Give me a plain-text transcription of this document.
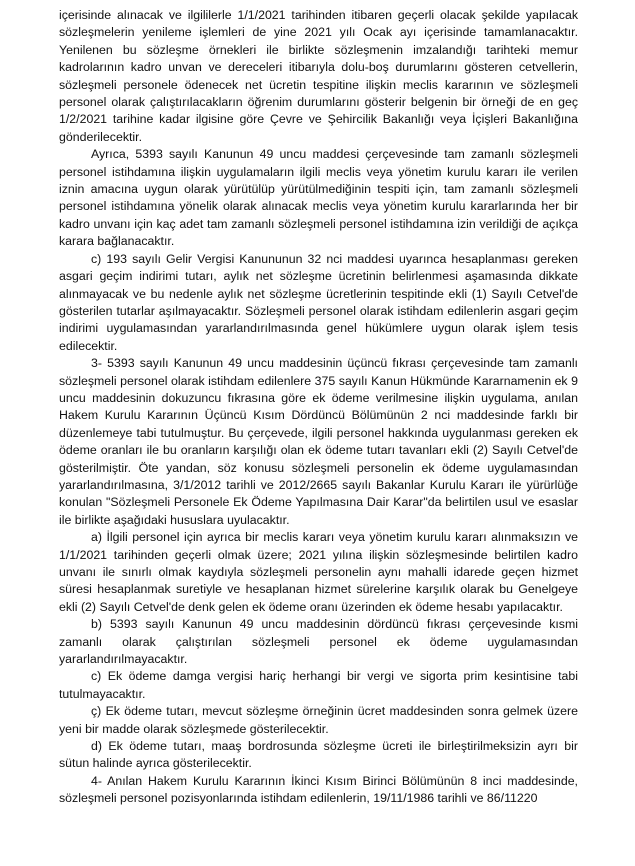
içerisinde alınacak ve ilgililerle 1/1/2021 tarihinden itibaren geçerli olacak şekilde yapılacak sözleşmelerin yenileme işlemleri de yine 2021 yılı Ocak ayı içerisinde tamamlanacaktır. Yenilenen bu sözleşme örnekleri ile birlikte sözleşmenin imzalandığı tarihteki memur kadrolarının kadro unvan ve dereceleri itibarıyla dolu-boş durumlarını gösteren cetvellerin, sözleşmeli personele ödenecek net ücretin tespitine ilişkin meclis kararının ve sözleşmeli personel olarak çalıştırılacakların öğrenim durumlarını gösterir belgenin bir örneği de en geç 1/2/2021 tarihine kadar ilgisine göre Çevre ve Şehircilik Bakanlığı veya İçişleri Bakanlığına gönderilecektir.

Ayrıca, 5393 sayılı Kanunun 49 uncu maddesi çerçevesinde tam zamanlı sözleşmeli personel istihdamına ilişkin uygulamaların ilgili meclis veya yönetim kurulu kararı ile verilen iznin amacına uygun olarak yürütülüp yürütülmediğinin tespiti için, tam zamanlı sözleşmeli personel istihdamına yönelik olarak alınacak meclis veya yönetim kurulu kararlarında her bir kadro unvanı için kaç adet tam zamanlı sözleşmeli personel istihdamına izin verildiği de açıkça karara bağlanacaktır.

c) 193 sayılı Gelir Vergisi Kanununun 32 nci maddesi uyarınca hesaplanması gereken asgari geçim indirimi tutarı, aylık net sözleşme ücretinin belirlenmesi aşamasında dikkate alınmayacak ve bu nedenle aylık net sözleşme ücretlerinin tespitinde ekli (1) Sayılı Cetvel'de gösterilen tutarlar aşılmayacaktır. Sözleşmeli personel olarak istihdam edilenlerin asgari geçim indirimi uygulamasından yararlandırılmasında genel hükümlere uygun olarak işlem tesis edilecektir.

3- 5393 sayılı Kanunun 49 uncu maddesinin üçüncü fıkrası çerçevesinde tam zamanlı sözleşmeli personel olarak istihdam edilenlere 375 sayılı Kanun Hükmünde Kararnamenin ek 9 uncu maddesinin dokuzuncu fıkrasına göre ek ödeme verilmesine ilişkin uygulama, anılan Hakem Kurulu Kararının Üçüncü Kısım Dördüncü Bölümünün 2 nci maddesinde farklı bir düzenlemeye tabi tutulmuştur. Bu çerçevede, ilgili personel hakkında uygulanması gereken ek ödeme oranları ile bu oranların karşılığı olan ek ödeme tutarı tavanları ekli (2) Sayılı Cetvel'de gösterilmiştir. Öte yandan, söz konusu sözleşmeli personelin ek ödeme uygulamasından yararlandırılmasına, 3/1/2012 tarihli ve 2012/2665 sayılı Bakanlar Kurulu Kararı ile yürürlüğe konulan "Sözleşmeli Personele Ek Ödeme Yapılmasına Dair Karar"da belirtilen usul ve esaslar ile birlikte aşağıdaki hususlara uyulacaktır.

a) İlgili personel için ayrıca bir meclis kararı veya yönetim kurulu kararı alınmaksızın ve 1/1/2021 tarihinden geçerli olmak üzere; 2021 yılına ilişkin sözleşmesinde belirtilen kadro unvanı ile sınırlı olmak kaydıyla sözleşmeli personelin aynı mahalli idarede geçen hizmet süresi hesaplanmak suretiyle ve hesaplanan hizmet sürelerine karşılık olarak bu Genelgeye ekli (2) Sayılı Cetvel'de denk gelen ek ödeme oranı üzerinden ek ödeme hesabı yapılacaktır.

b) 5393 sayılı Kanunun 49 uncu maddesinin dördüncü fıkrası çerçevesinde kısmi zamanlı olarak çalıştırılan sözleşmeli personel ek ödeme uygulamasından yararlandırılmayacaktır.

c) Ek ödeme damga vergisi hariç herhangi bir vergi ve sigorta prim kesintisine tabi tutulmayacaktır.

ç) Ek ödeme tutarı, mevcut sözleşme örneğinin ücret maddesinden sonra gelmek üzere yeni bir madde olarak sözleşmede gösterilecektir.

d) Ek ödeme tutarı, maaş bordrosunda sözleşme ücreti ile birleştirilmeksizin ayrı bir sütun halinde ayrıca gösterilecektir.

4- Anılan Hakem Kurulu Kararının İkinci Kısım Birinci Bölümünün 8 inci maddesinde, sözleşmeli personel pozisyonlarında istihdam edilenlerin, 19/11/1986 tarihli ve 86/11220
